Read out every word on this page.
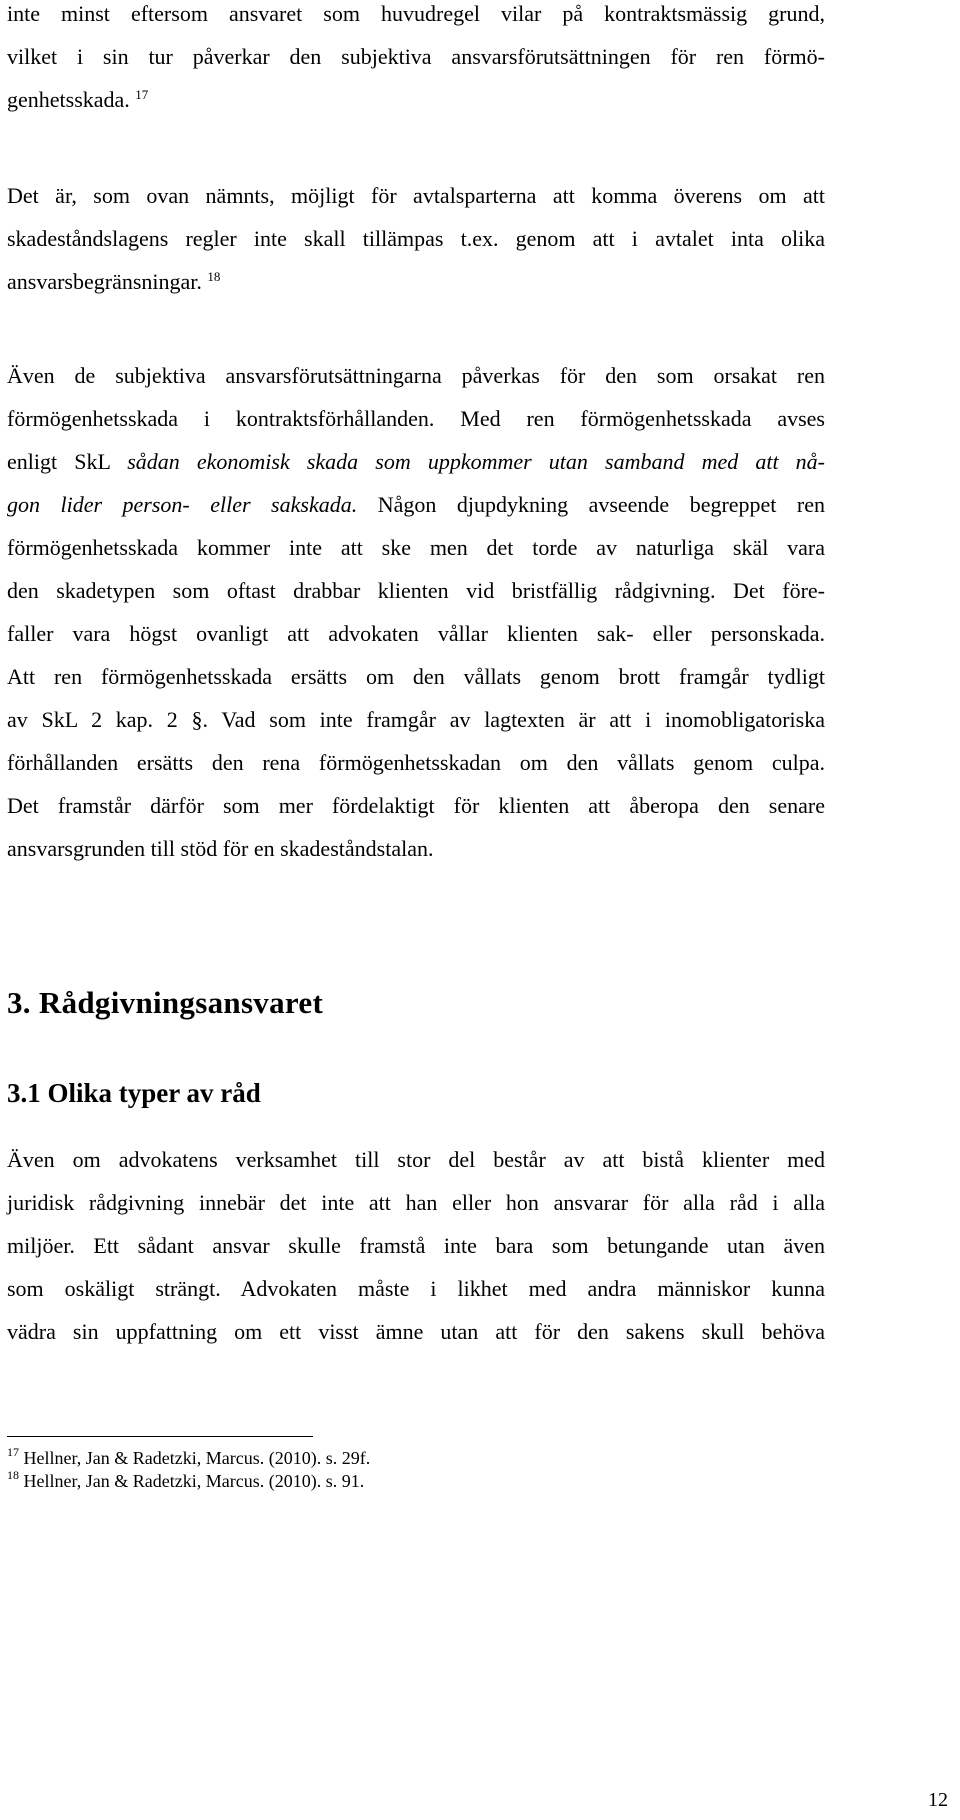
inte minst eftersom ansvaret som huvudregel vilar på kontraktsmässig grund,
vilket i sin tur påverkar den subjektiva ansvarsförutsättningen för ren förmö-
genhetsskada. $^{17}$

Det är, som ovan nämnts, möjligt för avtalsparterna att komma överens om att
skadeståndslagens regler inte skall tillämpas t.ex. genom att i avtalet inta olika
ansvarsbegränsningar. $^{18}$

Även de subjektiva ansvarsförutsättningarna påverkas för den som orsakat ren
förmögenhetsskada i kontraktsförhållanden. Med ren förmögenhetsskada avses
enligt SkL sådan ekonomisk skada som uppkommer utan samband med att nå-
gon lider person- eller sakskada. Någon djupdykning avseende begreppet ren
förmögenhetsskada kommer inte att ske men det torde av naturliga skäl vara
den skadetypen som oftast drabbar klienten vid bristfällig rådgivning. Det före-
faller vara högst ovanligt att advokaten vållar klienten sak- eller personskada.
Att ren förmögenhetsskada ersätts om den vållats genom brott framgår tydligt
av SkL 2 kap. 2 §. Vad som inte framgår av lagtexten är att i inomobligatoriska
förhållanden ersätts den rena förmögenhetsskadan om den vållats genom culpa.
Det framstår därför som mer fördelaktigt för klienten att åberopa den senare
ansvarsgrunden till stöd för en skadeståndstalan.

3. Rådgivningsansvaret
3.1 Olika typer av råd

Även om advokatens verksamhet till stor del består av att bistå klienter med
juridisk rådgivning innebär det inte att han eller hon ansvarar för alla råd i alla
miljöer. Ett sådant ansvar skulle framstå inte bara som betungande utan även
som oskäligt strängt. Advokaten måste i likhet med andra människor kunna
vädra sin uppfattning om ett visst ämne utan att för den sakens skull behöva

$^{17}$ Hellner, Jan & Radetzki, Marcus. (2010). s. 29f.
$^{18}$ Hellner, Jan & Radetzki, Marcus. (2010). s. 91.
12
